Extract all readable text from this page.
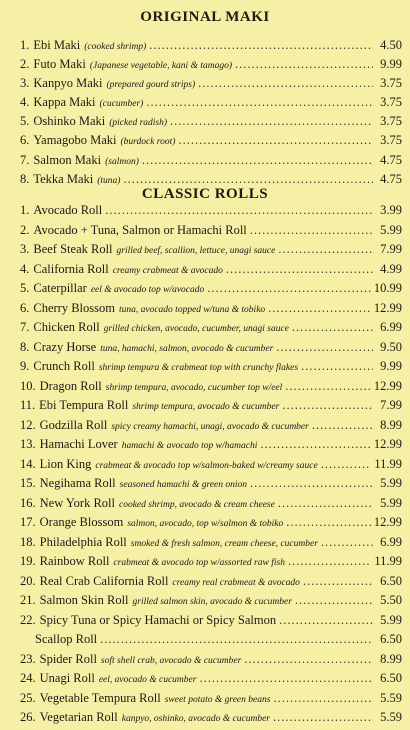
ORIGINAL MAKI
1. Ebi Maki (cooked shrimp) .....	4.50
2. Futo Maki (Japanese vegetable, kani & tamago) .....	9.99
3. Kanpyo Maki (prepared gourd strips) .....	3.75
4. Kappa Maki (cucumber) .....	3.75
5. Oshinko Maki (picked radish) .....	3.75
6. Yamagobo Maki (burdock root) .....	3.75
7. Salmon Maki (salmon) .....	4.75
8. Tekka Maki (tuna) .....	4.75
CLASSIC ROLLS
1. Avocado Roll .....	3.99
2. Avocado + Tuna, Salmon or Hamachi Roll .....	5.99
3. Beef Steak Roll grilled beef, scallion, lettuce, unagi sauce .....	7.99
4. California Roll creamy crabmeat & avocado .....	4.99
5. Caterpillar eel & avocado top w/avocado .....	10.99
6. Cherry Blossom tuna, avocado topped w/tuna & tobiko .....	12.99
7. Chicken Roll grilled chicken, avocado, cucumber, unagi sauce .....	6.99
8. Crazy Horse tuna, hamachi, salmon, avocado & cucumber .....	9.50
9. Crunch Roll shrimp tempura & crabmeat top with crunchy flakes .....	9.99
10. Dragon Roll shrimp tempura, avocado, cucumber top w/eel .....	12.99
11. Ebi Tempura Roll shrimp tempura, avocado & cucumber .....	7.99
12. Godzilla Roll spicy creamy hamachi, unagi, avocado & cucumber .....	8.99
13. Hamachi Lover hamachi & avocado top w/hamachi .....	12.99
14. Lion King crabmeat & avocado top w/salmon-baked w/creamy sauce .....	11.99
15. Negihama Roll seasoned hamachi & green onion .....	5.99
16. New York Roll cooked shrimp, avocado & cream cheese .....	5.99
17. Orange Blossom salmon, avocado, top w/salmon & tobiko .....	12.99
18. Philadelphia Roll smoked & fresh salmon, cream cheese, cucumber .....	6.99
19. Rainbow Roll crabmeat & avocado top w/assorted raw fish .....	11.99
20. Real Crab California Roll creamy real crabmeat & avocado .....	6.50
21. Salmon Skin Roll grilled salmon skin, avocado & cucumber .....	5.50
22. Spicy Tuna or Spicy Hamachi or Spicy Salmon .....	5.99
Scallop Roll .....	6.50
23. Spider Roll soft shell crab, avocado & cucumber .....	8.99
24. Unagi Roll eel, avocado & cucumber .....	6.50
25. Vegetable Tempura Roll sweet potato & green beans .....	5.59
26. Vegetarian Roll kanpyo, oshinko, avocado & cucumber .....	5.59
